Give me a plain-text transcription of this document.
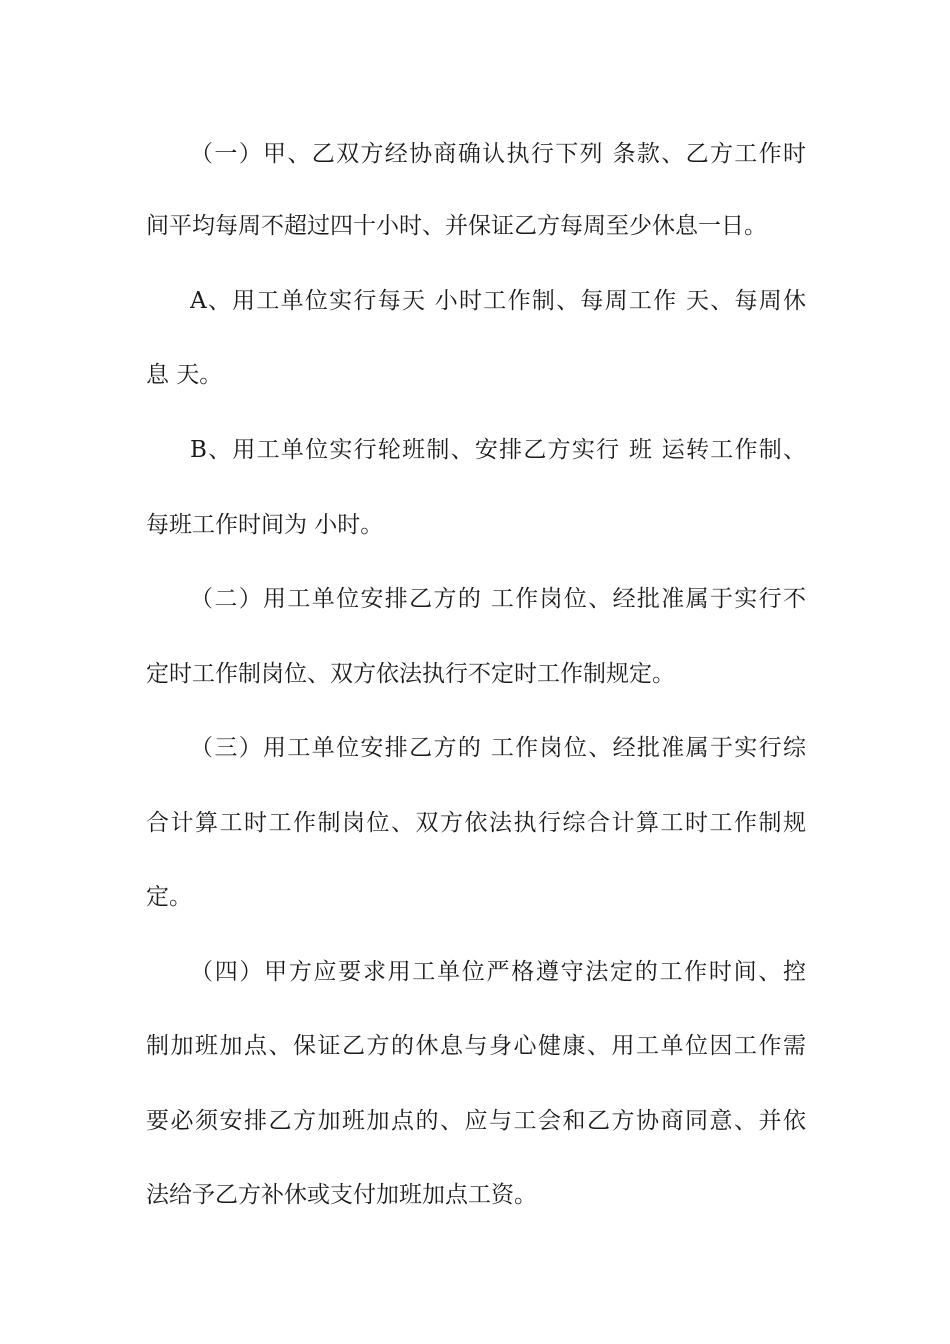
（一）甲、乙双方经协商确认执行下列 条款、乙方工作时
间平均每周不超过四十小时、并保证乙方每周至少休息一日。
A、用工单位实行每天 小时工作制、每周工作 天、每周休
息 天。
B、用工单位实行轮班制、安排乙方实行 班 运转工作制、
每班工作时间为 小时。
（二）用工单位安排乙方的 工作岗位、经批准属于实行不
定时工作制岗位、双方依法执行不定时工作制规定。
（三）用工单位安排乙方的 工作岗位、经批准属于实行综
合计算工时工作制岗位、双方依法执行综合计算工时工作制规
定。
（四）甲方应要求用工单位严格遵守法定的工作时间、控
制加班加点、保证乙方的休息与身心健康、用工单位因工作需
要必须安排乙方加班加点的、应与工会和乙方协商同意、并依
法给予乙方补休或支付加班加点工资。
